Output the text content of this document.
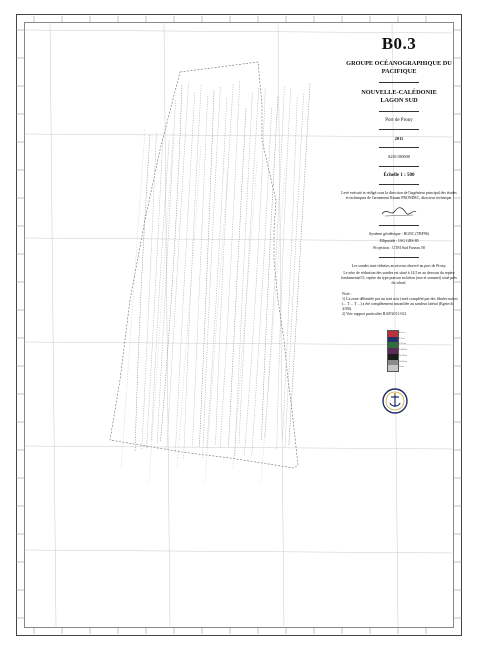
B0.3
GROUPE OCÉANOGRAPHIQUE DU PACIFIQUE
NOUVELLE-CALÉDONIE
LAGON SUD
Port de Prony
2011
S201100600
Échelle 1 : 500
Levé exécuté et rédigé sous la direction de l'ingénieur principal des études et techniques de l'armement Ronan FRONDEC, directeur technique.
Système géodésique : RGNC (TRF96)
Ellipsoïde : IAG GRS 80
Projection : UTM Sud Fuseau 58
Les sondes sont réduites au niveau observé au port de Prony.
Le zéro de réduction des sondes est situé à 14,5 m au dessous du repère fondamental O, repère du type ponson en béton (axe et sommet) situé près du wharf.
Note :
1) La zone délimitée par un trait noir (noté complété par des fibules noires (... T ... T ...) a été complètement insonifiée au sondeur latéral (Egetech 4100).
2) Voir rapport particulier RAP/2011-021.
0-2 m
2-5 m
5-10 m
10-20 m
20-30 m
30-50 m
50 m +
